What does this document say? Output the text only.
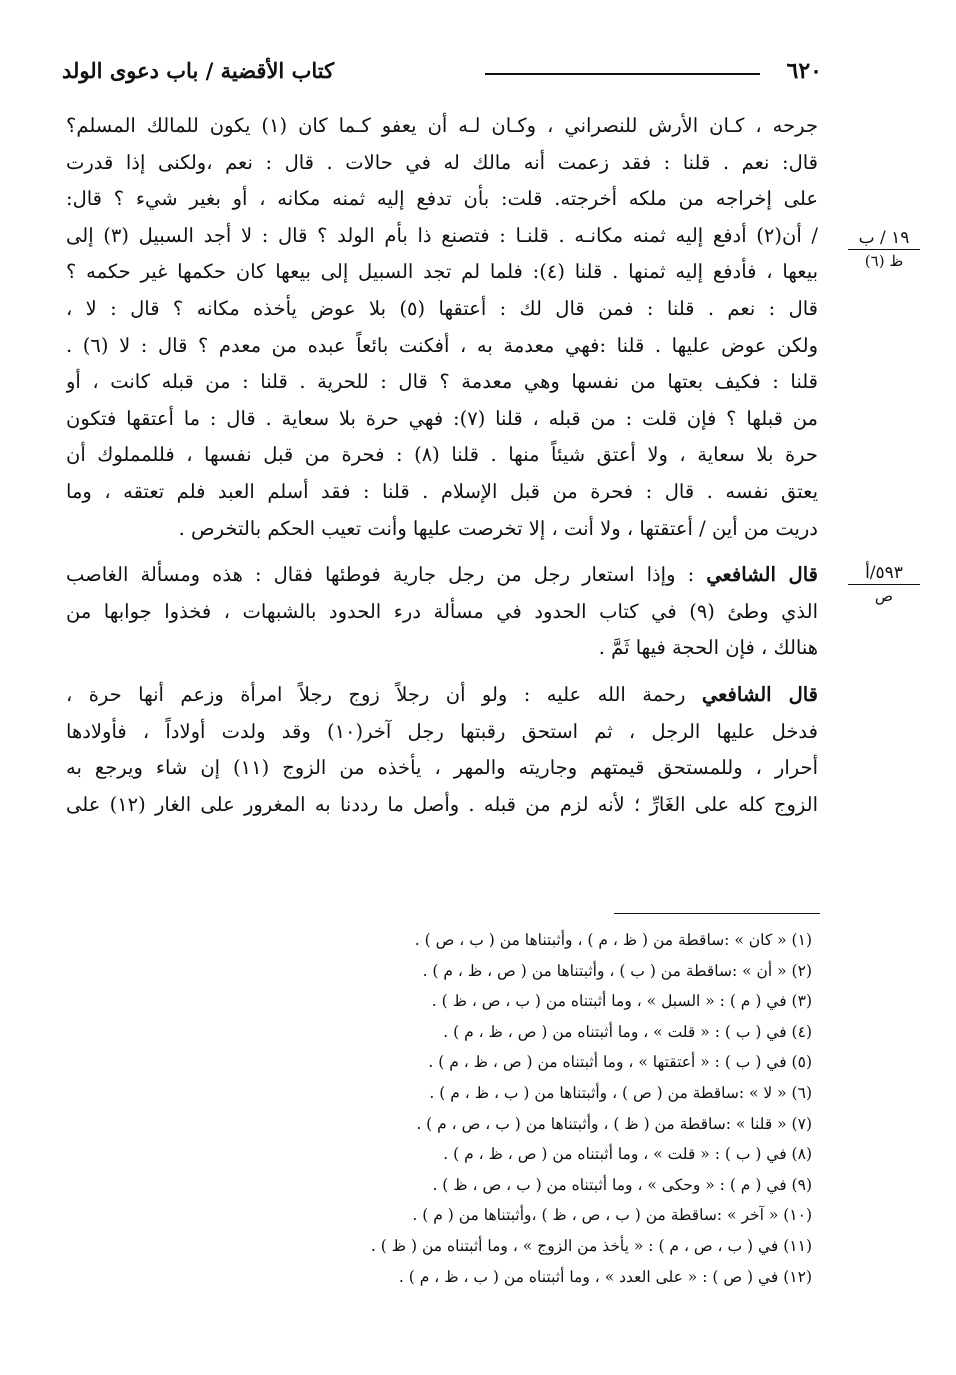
٦٢٠
كتاب الأقضية / باب دعوى الولد
١٩ / ب
ظ (٦)
٥٩٣/أ
ص
جرحه ، كـان الأرش للنصراني ، وكـان لـه أن يعفو كـما كان (١) يكون للمالك المسلم؟
قال: نعم . قلنا : فقد زعمت أنه مالك له في حالات . قال : نعم ،ولكنى إذا قدرت
على إخراجه من ملكه أخرجته. قلت: بأن تدفع إليه ثمنه مكانه ، أو بغير شيء ؟ قال:
/ أن(٢) أدفع إليه ثمنه مكانـه . قلنـا : فتصنع ذا بأم الولد ؟ قال : لا أجد السبيل (٣) إلى
بيعها ، فأدفع إليه ثمنها . قلنا (٤): فلما لم تجد السبيل إلى بيعها كان حكمها غير حكمه ؟
قال : نعم . قلنا : فمن قال لك : أعتقها (٥) بلا عوض يأخذه مكانه ؟ قال : لا ،
ولكن عوض عليها . قلنا :فهي معدمة به ، أفكنت بائعاً عبده من معدم ؟ قال : لا (٦) .
قلنا : فكيف بعتها من نفسها وهي معدمة ؟ قال : للحرية . قلنا : من قبله كانت ، أو
من قبلها ؟ فإن قلت : من قبله ، قلنا (٧): فهي حرة بلا سعاية . قال : ما أعتقها فتكون
حرة بلا سعاية ، ولا أعتق شيئاً منها . قلنا (٨) : فحرة من قبل نفسها ، فللمملوك أن
يعتق نفسه . قال : فحرة من قبل الإسلام . قلنا : فقد أسلم العبد فلم تعتقه ، وما
دريت من أين / أعتقتها ، ولا أنت ، إلا تخرصت عليها وأنت تعيب الحكم بالتخرص .
قال الشافعي : وإذا استعار رجل من رجل جارية فوطئها فقال : هذه ومسألة الغاصب
الذي وطئ (٩) في كتاب الحدود في مسألة درء الحدود بالشبهات ، فخذوا جوابها من
هنالك ، فإن الحجة فيها ثَمَّ .
قال الشافعي رحمة الله عليه : ولو أن رجلاً زوج رجلاً امرأة وزعم أنها حرة ،
فدخل عليها الرجل ، ثم استحق رقبتها رجل آخر(١٠) وقد ولدت أولاداً ، فأولادها
أحرار ، وللمستحق قيمتهم وجاريته والمهر ، يأخذه من الزوج (١١) إن شاء ويرجع به
الزوج كله على الغَارِّ ؛ لأنه لزم من قبله . وأصل ما رددنا به المغرور على الغار (١٢) على
(١) « كان » :ساقطة من ( ظ ، م ) ، وأثبتناها من ( ب ، ص ) .
(٢) « أن » :ساقطة من ( ب ) ، وأثبتناها من ( ص ، ظ ، م ) .
(٣) في ( م ) : « السبل » ، وما أثبتناه من ( ب ، ص ، ظ ) .
(٤) في ( ب ) : « قلت » ، وما أثبتناه من ( ص ، ظ ، م ) .
(٥) في ( ب ) : « أعتقتها » ، وما أثبتناه من ( ص ، ظ ، م ) .
(٦) « لا » :ساقطة من ( ص ) ، وأثبتناها من ( ب ، ظ ، م ) .
(٧) « قلنا » :ساقطة من ( ظ ) ، وأثبتناها من ( ب ، ص ، م ) .
(٨) في ( ب ) : « قلت » ، وما أثبتناه من ( ص ، ظ ، م ) .
(٩) في ( م ) : « وحكى » ، وما أثبتناه من ( ب ، ص ، ظ ) .
(١٠) « آخر » :ساقطة من ( ب ، ص ، ظ ) ،وأثبتناها من ( م ) .
(١١) في ( ب ، ص ، م ) : « يأخذ من الزوج » ، وما أثبتناه من ( ظ ) .
(١٢) في ( ص ) : « على العدد » ، وما أثبتناه من ( ب ، ظ ، م ) .
